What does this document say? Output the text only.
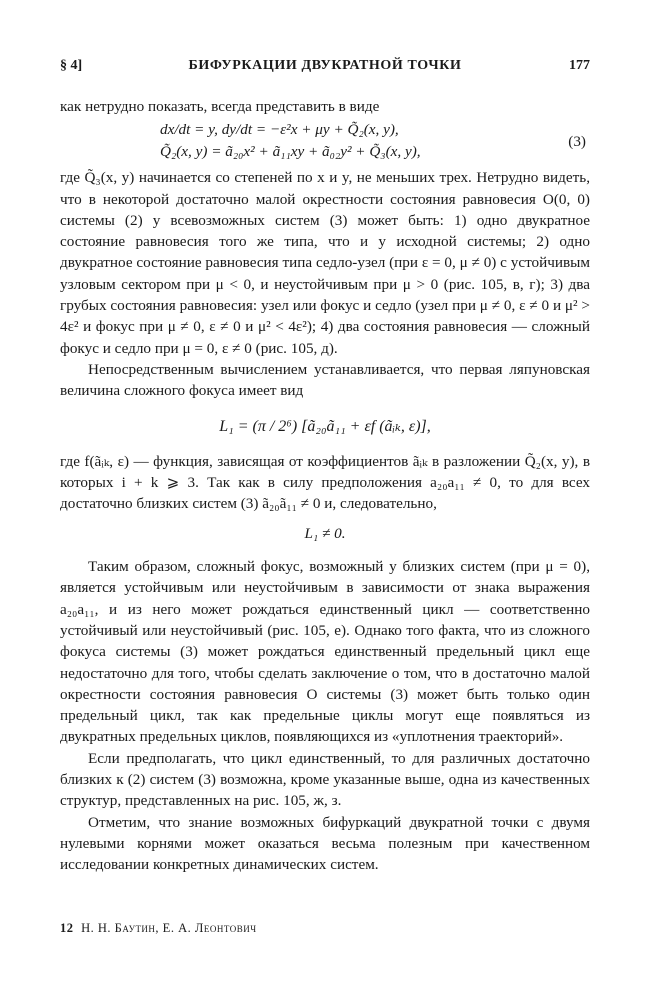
§ 4]	БИФУРКАЦИИ ДВУКРАТНОЙ ТОЧКИ	177

как нетрудно показать, всегда представить в виде

dx/dt = y, dy/dt = −ε²x + μy + Q̃₂(x, y),
Q̃₂(x, y) = ã₂₀x² + ã₁₁xy + ã₀₂y² + Q̃₃(x, y),
(3)

где Q̃₃(x, y) начинается со степеней по x и y, не меньших трех. Нетрудно видеть, что в некоторой достаточно малой окрестности состояния равновесия O(0, 0) системы (2) у всевозможных систем (3) может быть: 1) одно двукратное состояние равновесия того же типа, что и у исходной системы; 2) одно двукратное состояние равновесия типа седло-узел (при ε = 0, μ ≠ 0) с устойчивым узловым сектором при μ < 0, и неустойчивым при μ > 0 (рис. 105, в, г); 3) два грубых состояния равновесия: узел или фокус и седло (узел при μ ≠ 0, ε ≠ 0 и μ² > 4ε² и фокус при μ ≠ 0, ε ≠ 0 и μ² < 4ε²); 4) два состояния равновесия — сложный фокус и седло при μ = 0, ε ≠ 0 (рис. 105, д).

Непосредственным вычислением устанавливается, что первая ляпуновская величина сложного фокуса имеет вид

L₁ = (π / 2⁶) [ã₂₀ã₁₁ + εf (ãᵢₖ, ε)],

где f(ãᵢₖ, ε) — функция, зависящая от коэффициентов ãᵢₖ в разложении Q̃₂(x, y), в которых i + k ⩾ 3. Так как в силу предположения a₂₀a₁₁ ≠ 0, то для всех достаточно близких систем (3) ã₂₀ã₁₁ ≠ 0 и, следовательно,

L₁ ≠ 0.

Таким образом, сложный фокус, возможный у близких систем (при μ = 0), является устойчивым или неустойчивым в зависимости от знака выражения a₂₀a₁₁, и из него может рождаться единственный цикл — соответственно устойчивый или неустойчивый (рис. 105, е). Однако того факта, что из сложного фокуса системы (3) может рождаться единственный предельный цикл еще недостаточно для того, чтобы сделать заключение о том, что в достаточно малой окрестности состояния равновесия O системы (3) может быть только один предельный цикл, так как предельные циклы могут еще появляться из двукратных предельных циклов, появляющихся из «уплотнения траекторий».

Если предполагать, что цикл единственный, то для различных достаточно близких к (2) систем (3) возможна, кроме указанные выше, одна из качественных структур, представленных на рис. 105, ж, з.

Отметим, что знание возможных бифуркаций двукратной точки с двумя нулевыми корнями может оказаться весьма полезным при качественном исследовании конкретных динамических систем.

12 Н. Н. Баутин, Е. А. Леонтович
